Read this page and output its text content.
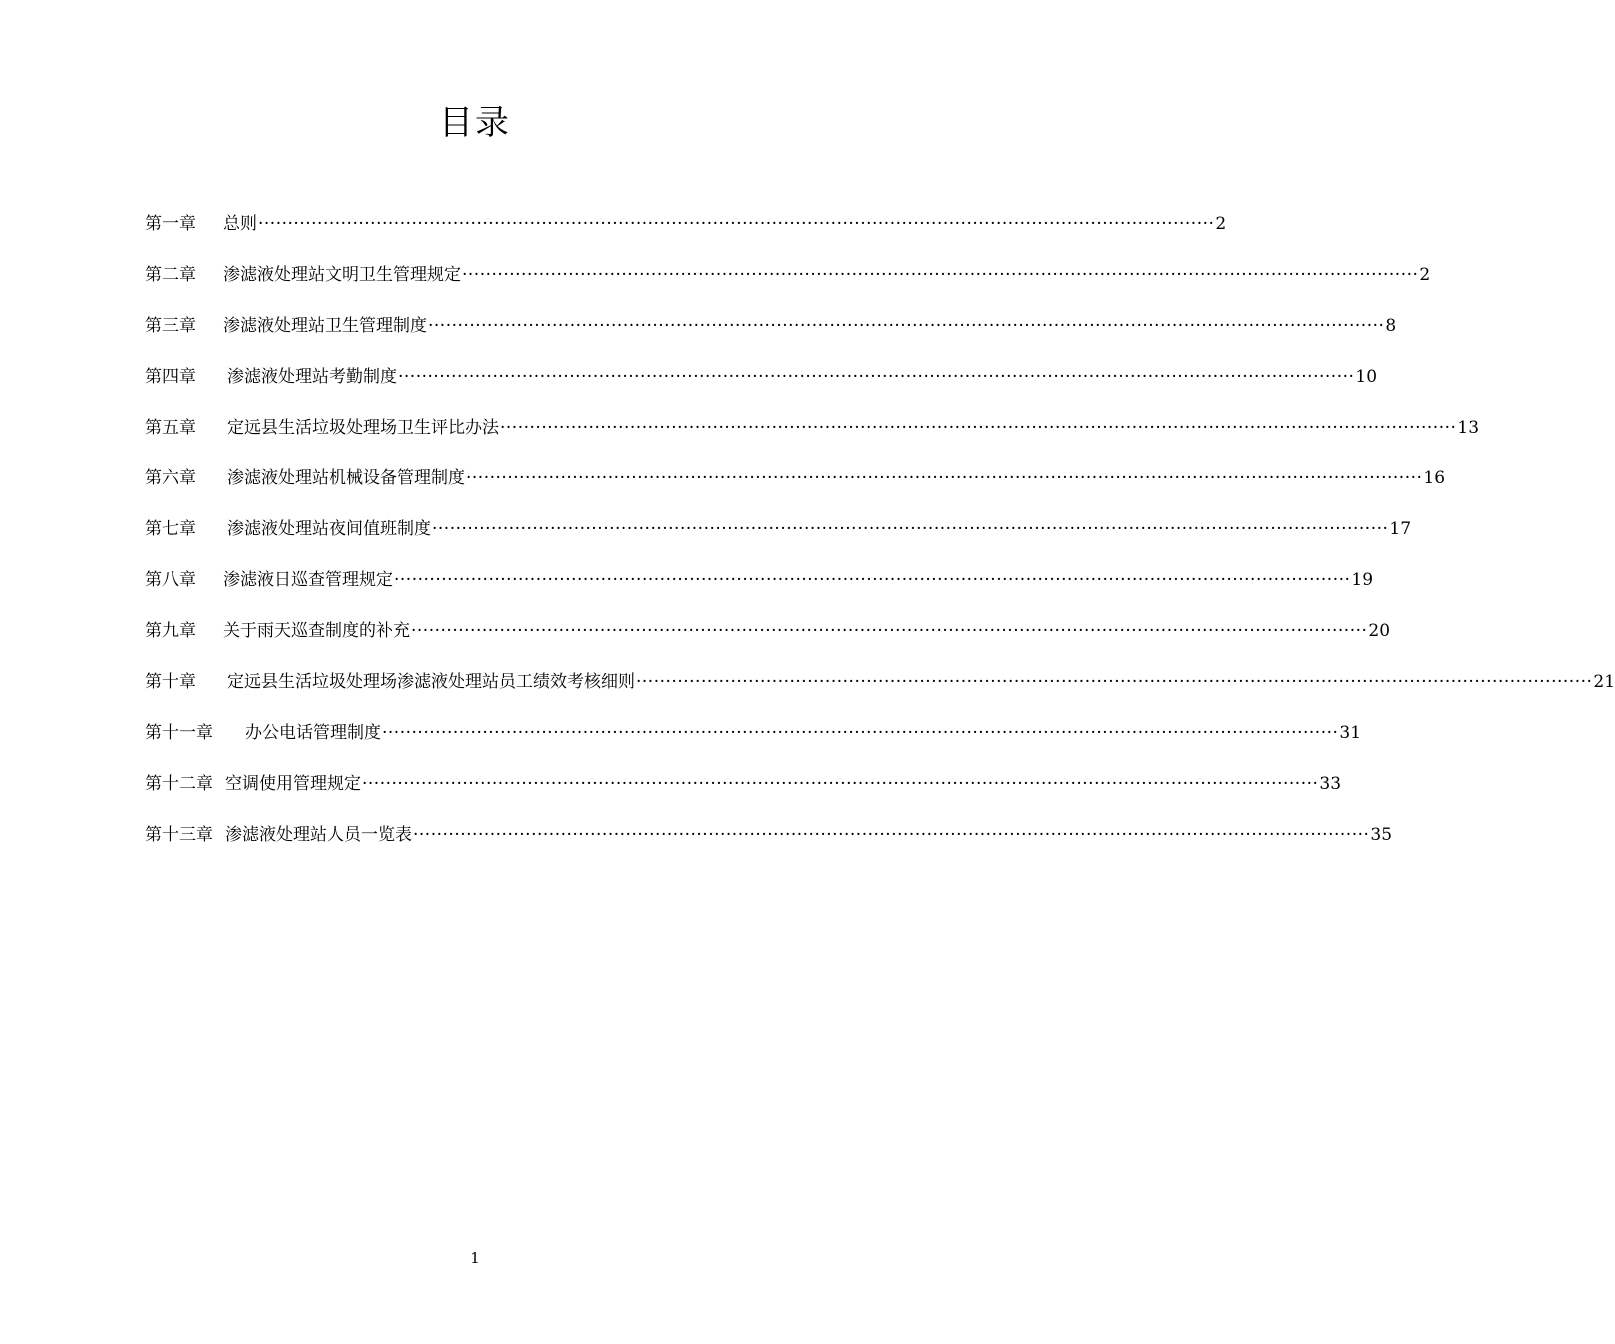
目录
第一章 总则 ·····	2
第二章 渗滤液处理站文明卫生管理规定 ·····	2
第三章 渗滤液处理站卫生管理制度 ·····	8
第四章 渗滤液处理站考勤制度 ·····	10
第五章 定远县生活垃圾处理场卫生评比办法 ·····	13
第六章 渗滤液处理站机械设备管理制度 ·····	16
第七章 渗滤液处理站夜间值班制度 ·····	17
第八章 渗滤液日巡查管理规定 ·····	19
第九章 关于雨天巡查制度的补充 ·····	20
第十章 定远县生活垃圾处理场渗滤液处理站员工绩效考核细则 ·····	21
第十一章 办公电话管理制度 ·····	31
第十二章 空调使用管理规定 ·····	33
第十三章 渗滤液处理站人员一览表 ·····	35
1
